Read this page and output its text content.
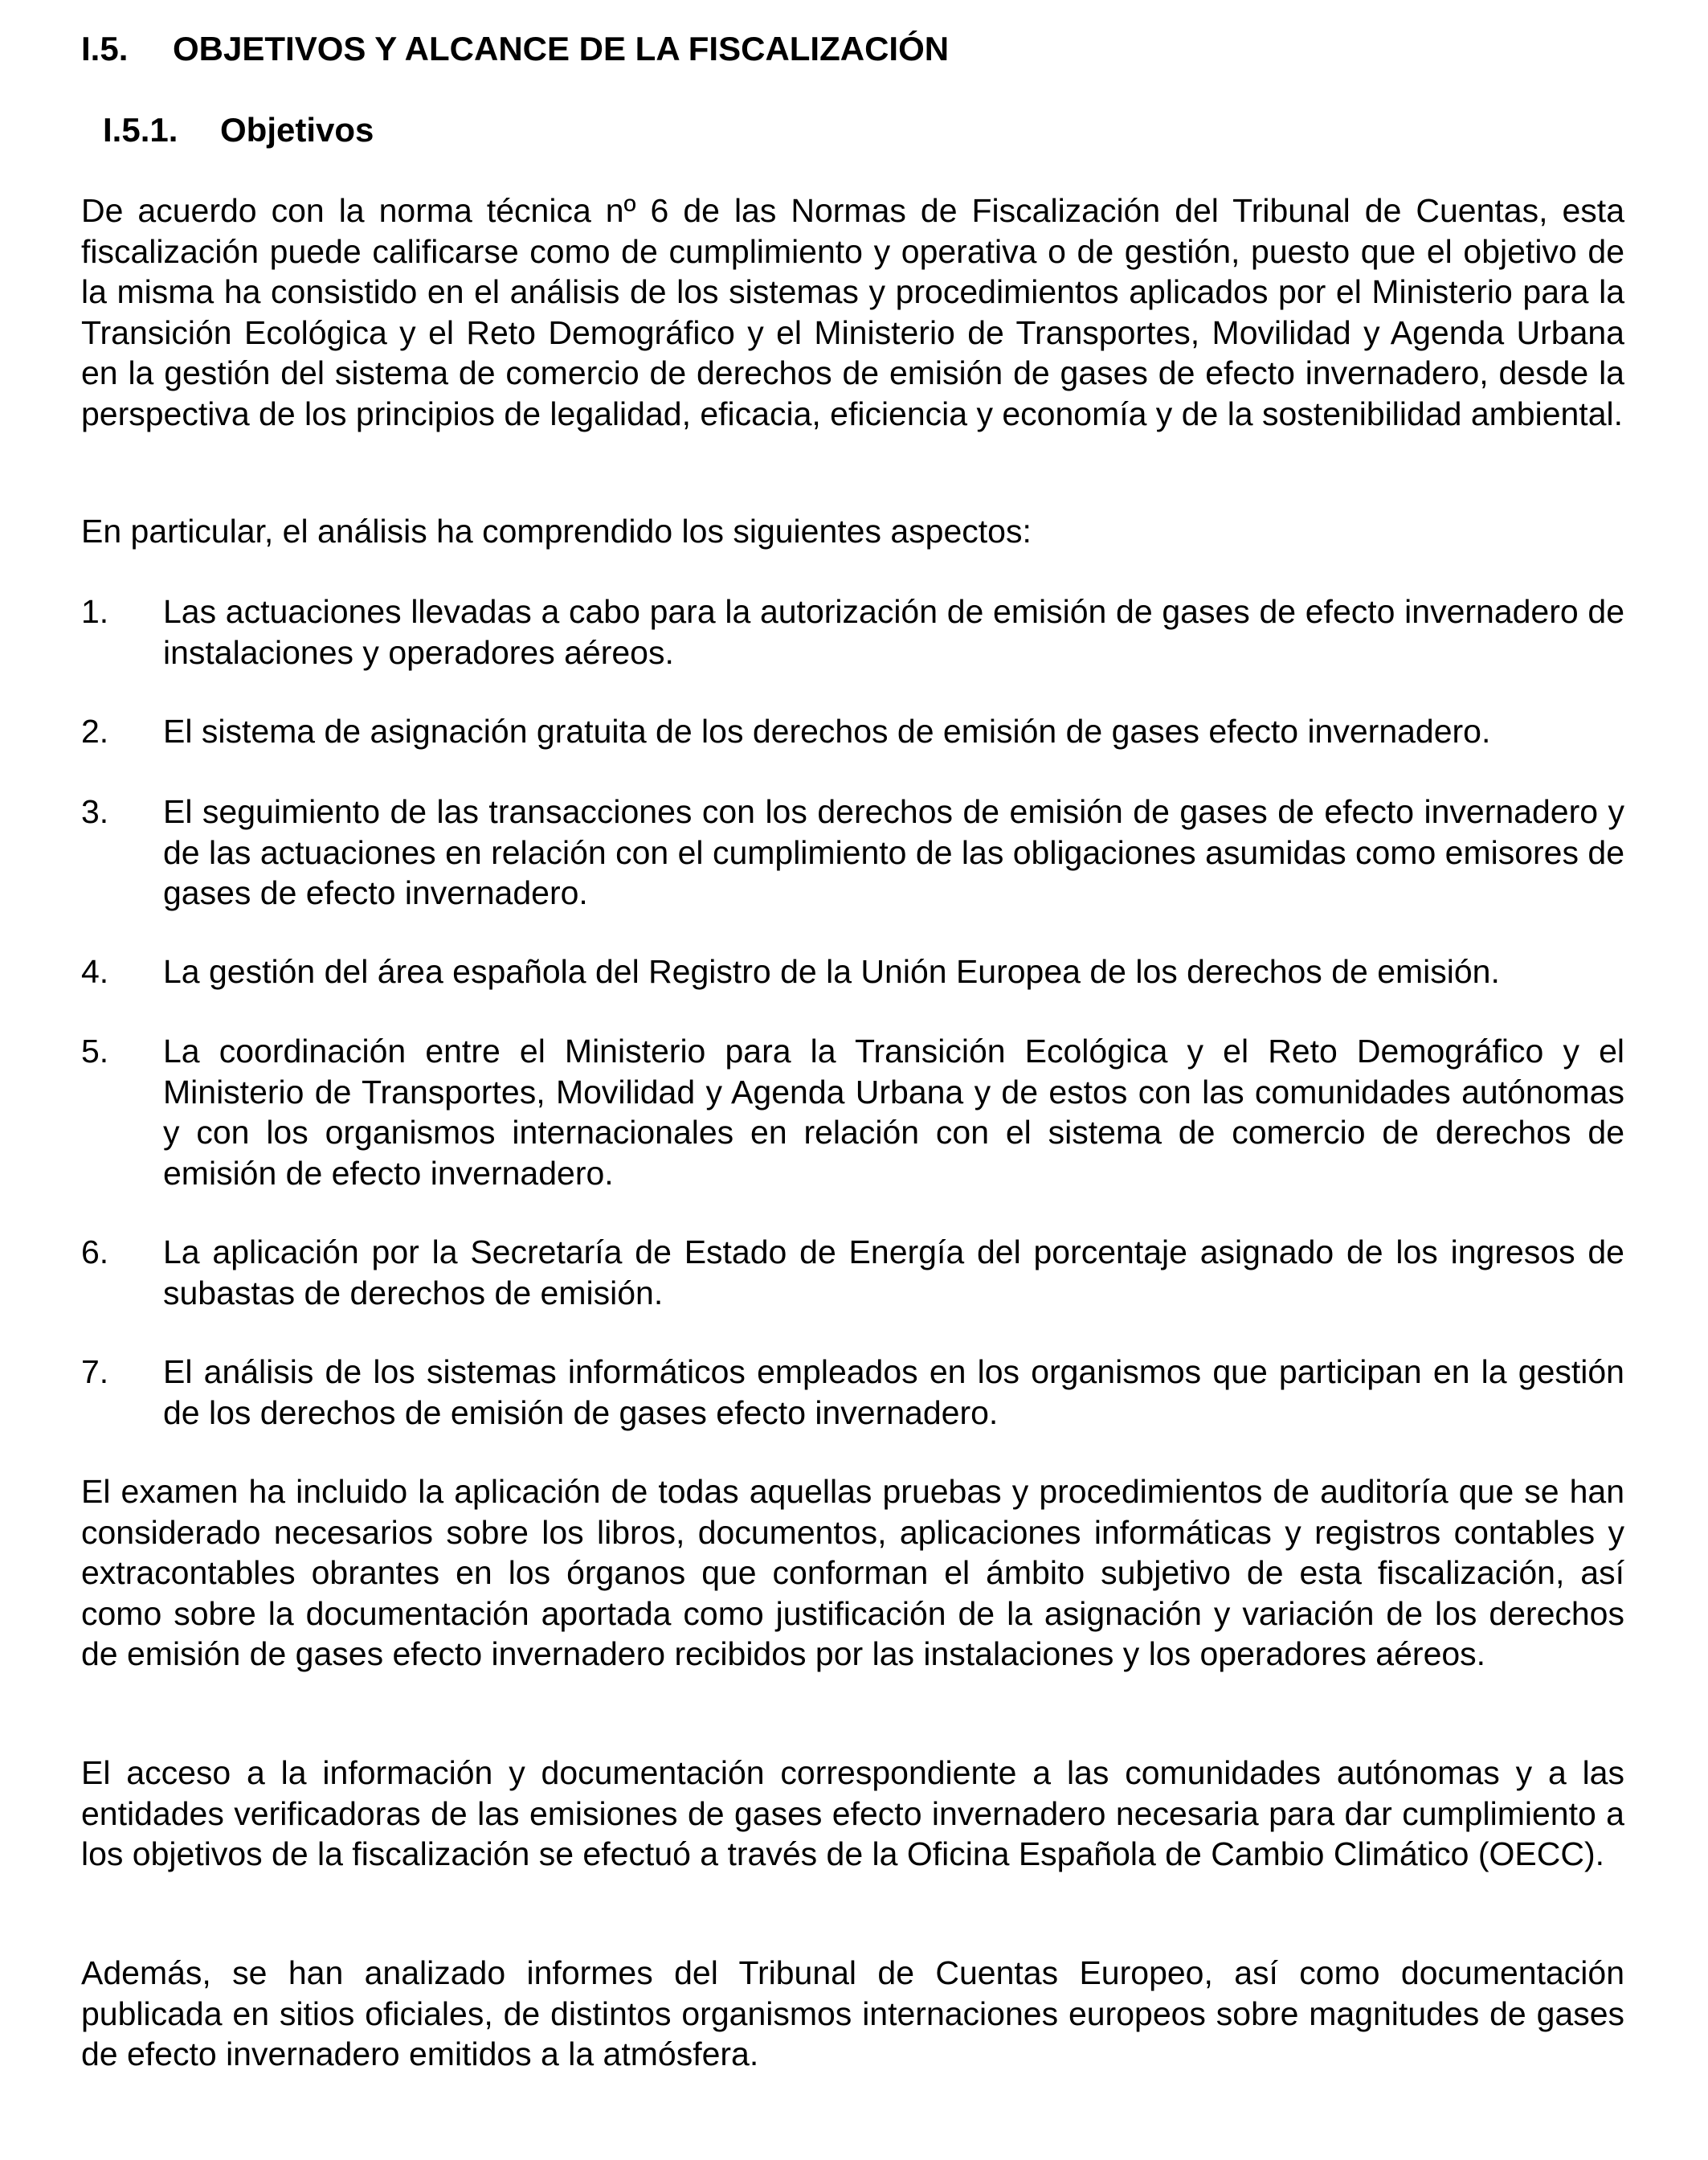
I.5. OBJETIVOS Y ALCANCE DE LA FISCALIZACIÓN
I.5.1. Objetivos

De acuerdo con la norma técnica nº 6 de las Normas de Fiscalización del Tribunal de Cuentas, esta fiscalización puede calificarse como de cumplimiento y operativa o de gestión, puesto que el objetivo de la misma ha consistido en el análisis de los sistemas y procedimientos aplicados por el Ministerio para la Transición Ecológica y el Reto Demográfico y el Ministerio de Transportes, Movilidad y Agenda Urbana en la gestión del sistema de comercio de derechos de emisión de gases de efecto invernadero, desde la perspectiva de los principios de legalidad, eficacia, eficiencia y economía y de la sostenibilidad ambiental.

En particular, el análisis ha comprendido los siguientes aspectos:

1.	Las actuaciones llevadas a cabo para la autorización de emisión de gases de efecto invernadero de instalaciones y operadores aéreos.
2.	El sistema de asignación gratuita de los derechos de emisión de gases efecto invernadero.
3.	El seguimiento de las transacciones con los derechos de emisión de gases de efecto invernadero y de las actuaciones en relación con el cumplimiento de las obligaciones asumidas como emisores de gases de efecto invernadero.
4.	La gestión del área española del Registro de la Unión Europea de los derechos de emisión.
5.	La coordinación entre el Ministerio para la Transición Ecológica y el Reto Demográfico y el Ministerio de Transportes, Movilidad y Agenda Urbana y de estos con las comunidades autónomas y con los organismos internacionales en relación con el sistema de comercio de derechos de emisión de efecto invernadero.
6.	La aplicación por la Secretaría de Estado de Energía del porcentaje asignado de los ingresos de subastas de derechos de emisión.
7.	El análisis de los sistemas informáticos empleados en los organismos que participan en la gestión de los derechos de emisión de gases efecto invernadero.

El examen ha incluido la aplicación de todas aquellas pruebas y procedimientos de auditoría que se han considerado necesarios sobre los libros, documentos, aplicaciones informáticas y registros contables y extracontables obrantes en los órganos que conforman el ámbito subjetivo de esta fiscalización, así como sobre la documentación aportada como justificación de la asignación y variación de los derechos de emisión de gases efecto invernadero recibidos por las instalaciones y los operadores aéreos.

El acceso a la información y documentación correspondiente a las comunidades autónomas y a las entidades verificadoras de las emisiones de gases efecto invernadero necesaria para dar cumplimiento a los objetivos de la fiscalización se efectuó a través de la Oficina Española de Cambio Climático (OECC).

Además, se han analizado informes del Tribunal de Cuentas Europeo, así como documentación publicada en sitios oficiales, de distintos organismos internaciones europeos sobre magnitudes de gases de efecto invernadero emitidos a la atmósfera.
